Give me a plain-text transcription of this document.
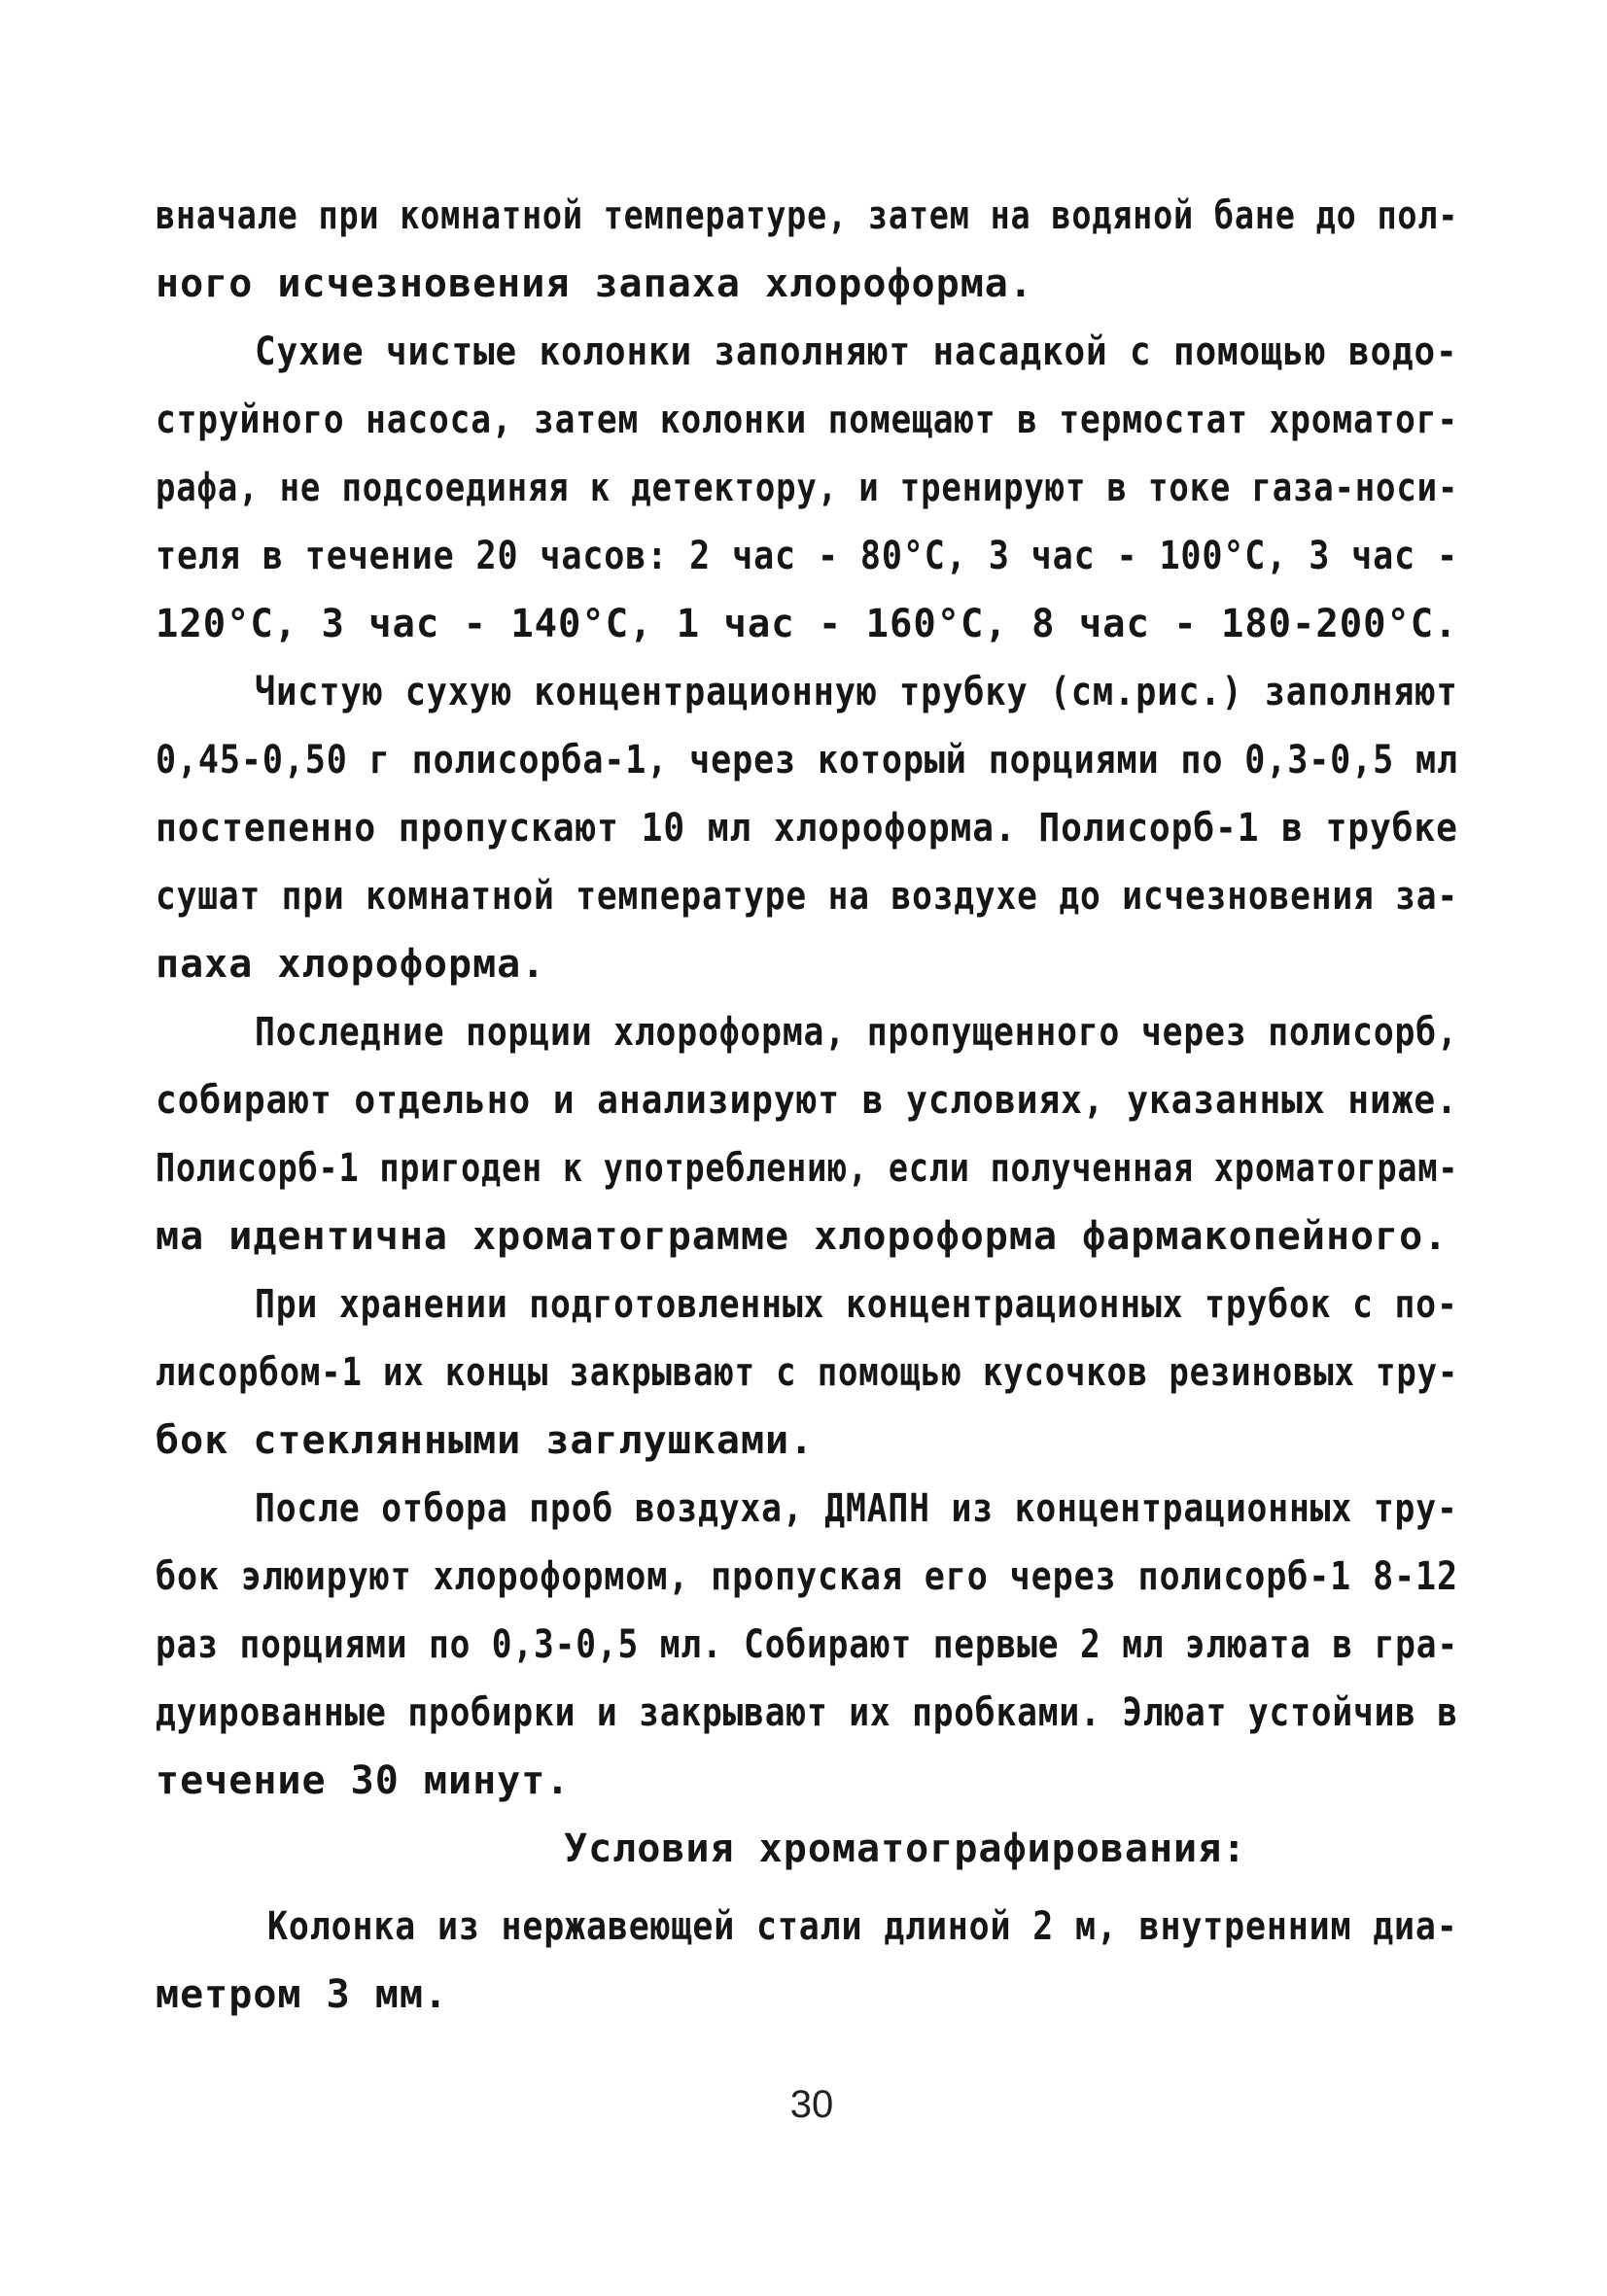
вначале при комнатной температуре, затем на водяной бане до пол-
ного исчезновения запаха хлороформа.
Сухие чистые колонки заполняют насадкой с помощью водо-
струйного насоса, затем колонки помещают в термостат хроматог-
рафа, не подсоединяя к детектору, и тренируют в токе газа-носи-
теля в течение 20 часов: 2 час - 80°С, 3 час - 100°С, 3 час -
120°С, 3 час - 140°С, 1 час - 160°С, 8 час - 180-200°С.
Чистую сухую концентрационную трубку (см.рис.) заполняют
0,45-0,50 г полисорба-1, через который порциями по 0,3-0,5 мл
постепенно пропускают 10 мл хлороформа. Полисорб-1 в трубке
сушат при комнатной температуре на воздухе до исчезновения за-
паха хлороформа.
Последние порции хлороформа, пропущенного через полисорб,
собирают отдельно и анализируют в условиях, указанных ниже.
Полисорб-1 пригоден к употреблению, если полученная хроматограм-
ма идентична хроматограмме хлороформа фармакопейного.
При хранении подготовленных концентрационных трубок с по-
лисорбом-1 их концы закрывают с помощью кусочков резиновых тру-
бок стеклянными заглушками.
После отбора проб воздуха, ДМАПН из концентрационных тру-
бок элюируют хлороформом, пропуская его через полисорб-1 8-12
раз порциями по 0,3-0,5 мл. Собирают первые 2 мл элюата в гра-
дуированные пробирки и закрывают их пробками. Элюат устойчив в
течение 30 минут.
Условия хроматографирования:
Колонка из нержавеющей стали длиной 2 м, внутренним диа-
метром 3 мм.
30
